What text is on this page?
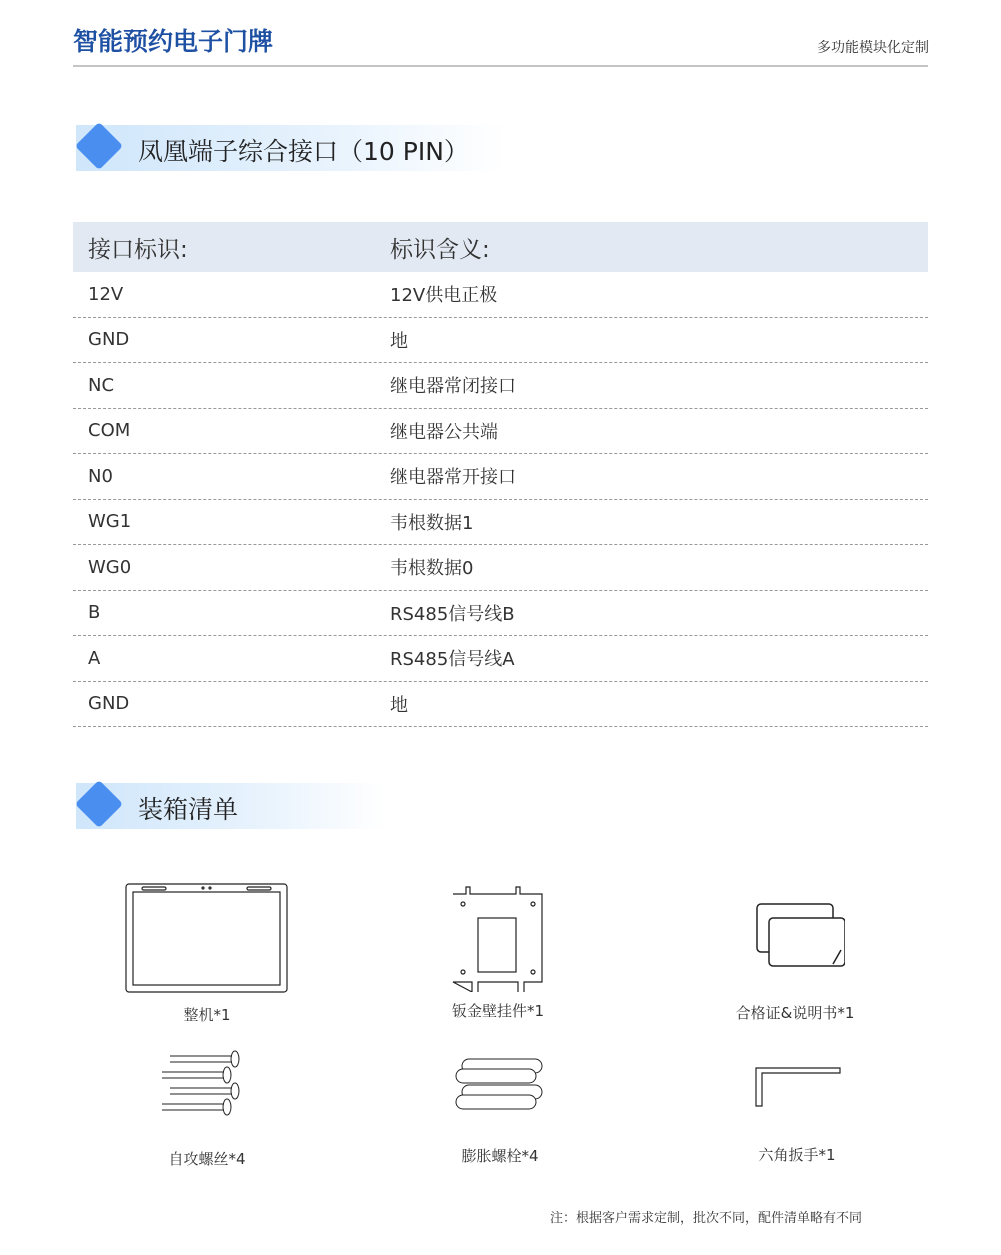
智能预约电子门牌	多功能模块化定制
凤凰端子综合接口（10 PIN）
接口标识:	标识含义:
12V	12V供电正极
GND	地
NC	继电器常闭接口
COM	继电器公共端
N0	继电器常开接口
WG1	韦根数据1
WG0	韦根数据0
B	RS485信号线B
A	RS485信号线A
GND	地
装箱清单
整机*1	钣金壁挂件*1	合格证&说明书*1
自攻螺丝*4	膨胀螺栓*4	六角扳手*1
注：根据客户需求定制，批次不同，配件清单略有不同
